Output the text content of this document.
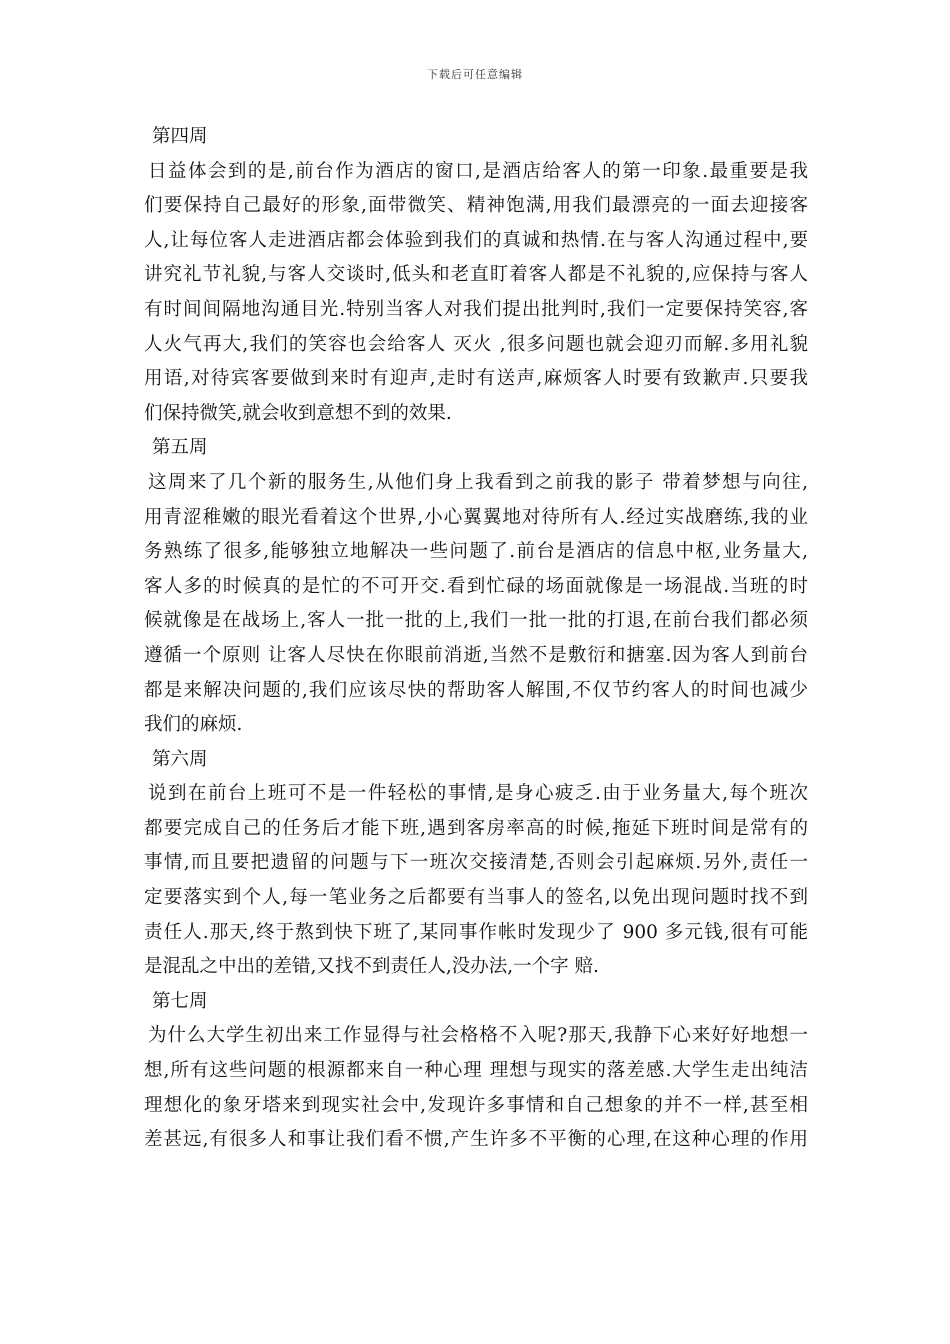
下载后可任意编辑
第四周
日益体会到的是,前台作为酒店的窗口,是酒店给客人的第一印象.最重要是我
们要保持自己最好的形象,面带微笑、精神饱满,用我们最漂亮的一面去迎接客
人,让每位客人走进酒店都会体验到我们的真诚和热情.在与客人沟通过程中,要
讲究礼节礼貌,与客人交谈时,低头和老直盯着客人都是不礼貌的,应保持与客人
有时间间隔地沟通目光.特别当客人对我们提出批判时,我们一定要保持笑容,客
人火气再大,我们的笑容也会给客人 灭火 ,很多问题也就会迎刃而解.多用礼貌
用语,对待宾客要做到来时有迎声,走时有送声,麻烦客人时要有致歉声.只要我
们保持微笑,就会收到意想不到的效果.
第五周
这周来了几个新的服务生,从他们身上我看到之前我的影子 带着梦想与向往,
用青涩稚嫩的眼光看着这个世界,小心翼翼地对待所有人.经过实战磨练,我的业
务熟练了很多,能够独立地解决一些问题了.前台是酒店的信息中枢,业务量大,
客人多的时候真的是忙的不可开交.看到忙碌的场面就像是一场混战.当班的时
候就像是在战场上,客人一批一批的上,我们一批一批的打退,在前台我们都必须
遵循一个原则 让客人尽快在你眼前消逝,当然不是敷衍和搪塞.因为客人到前台
都是来解决问题的,我们应该尽快的帮助客人解围,不仅节约客人的时间也减少
我们的麻烦.
第六周
说到在前台上班可不是一件轻松的事情,是身心疲乏.由于业务量大,每个班次
都要完成自己的任务后才能下班,遇到客房率高的时候,拖延下班时间是常有的
事情,而且要把遗留的问题与下一班次交接清楚,否则会引起麻烦.另外,责任一
定要落实到个人,每一笔业务之后都要有当事人的签名,以免出现问题时找不到
责任人.那天,终于熬到快下班了,某同事作帐时发现少了 900 多元钱,很有可能
是混乱之中出的差错,又找不到责任人,没办法,一个字 赔.
第七周
为什么大学生初出来工作显得与社会格格不入呢?那天,我静下心来好好地想一
想,所有这些问题的根源都来自一种心理 理想与现实的落差感.大学生走出纯洁
理想化的象牙塔来到现实社会中,发现许多事情和自己想象的并不一样,甚至相
差甚远,有很多人和事让我们看不惯,产生许多不平衡的心理,在这种心理的作用
